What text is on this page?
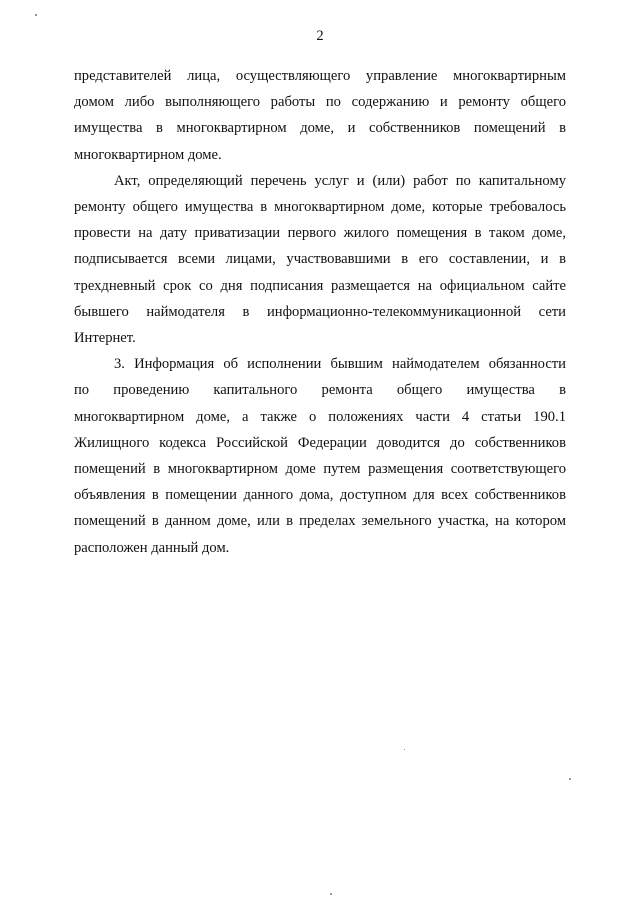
2

представителей лица, осуществляющего управление многоквартирным
домом либо выполняющего работы по содержанию и ремонту общего
имущества в многоквартирном доме, и собственников помещений в
многоквартирном доме.

Акт, определяющий перечень услуг и (или) работ по капитальному
ремонту общего имущества в многоквартирном доме, которые требовалось
провести на дату приватизации первого жилого помещения в таком доме,
подписывается всеми лицами, участвовавшими в его составлении, и в
трехдневный срок со дня подписания размещается на официальном сайте
бывшего наймодателя в информационно-телекоммуникационной сети
Интернет.

3. Информация об исполнении бывшим наймодателем обязанности
по проведению капитального ремонта общего имущества в
многоквартирном доме, а также о положениях части 4 статьи 190.1
Жилищного кодекса Российской Федерации доводится до собственников
помещений в многоквартирном доме путем размещения соответствующего
объявления в помещении данного дома, доступном для всех собственников
помещений в данном доме, или в пределах земельного участка, на котором
расположен данный дом.
